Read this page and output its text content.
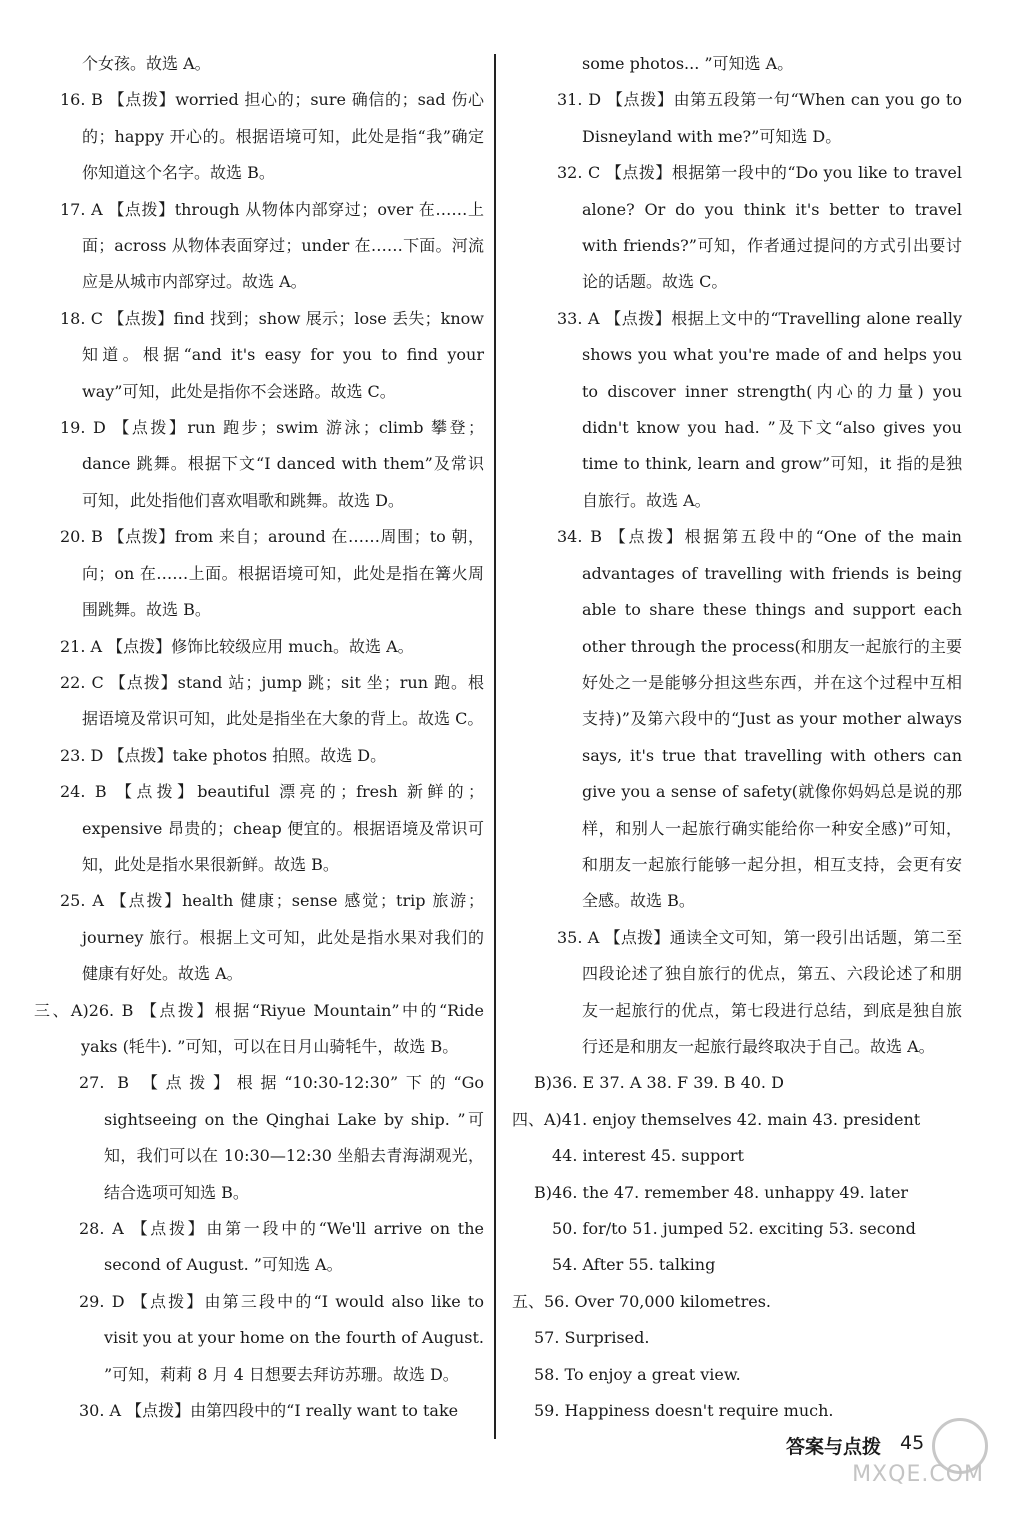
个女孩。故选 A。

16. B 【点拨】worried 担心的；sure 确信的；sad 伤心的；happy 开心的。根据语境可知，此处是指“我”确定你知道这个名字。故选 B。

17. A 【点拨】through 从物体内部穿过；over 在……上面；across 从物体表面穿过；under 在……下面。河流应是从城市内部穿过。故选 A。

18. C 【点拨】find 找到；show 展示；lose 丢失；know 知道。根据“and it's easy for you to find your way”可知，此处是指你不会迷路。故选 C。

19. D 【点拨】run 跑步；swim 游泳；climb 攀登；dance 跳舞。根据下文“I danced with them”及常识可知，此处指他们喜欢唱歌和跳舞。故选 D。

20. B 【点拨】from 来自；around 在……周围；to 朝，向；on 在……上面。根据语境可知，此处是指在篝火周围跳舞。故选 B。

21. A 【点拨】修饰比较级应用 much。故选 A。

22. C 【点拨】stand 站；jump 跳；sit 坐；run 跑。根据语境及常识可知，此处是指坐在大象的背上。故选 C。

23. D 【点拨】take photos 拍照。故选 D。

24. B 【点拨】beautiful 漂亮的；fresh 新鲜的；expensive 昂贵的；cheap 便宜的。根据语境及常识可知，此处是指水果很新鲜。故选 B。

25. A 【点拨】health 健康；sense 感觉；trip 旅游；journey 旅行。根据上文可知，此处是指水果对我们的健康有好处。故选 A。

三、A)26. B 【点拨】根据“Riyue Mountain”中的“Ride yaks (牦牛). ”可知，可以在日月山骑牦牛，故选 B。

27. B 【点拨】根据“10:30-12:30”下的“Go sightseeing on the Qinghai Lake by ship. ”可知，我们可以在 10:30—12:30 坐船去青海湖观光，结合选项可知选 B。

28. A 【点拨】由第一段中的“We'll arrive on the second of August. ”可知选 A。

29. D 【点拨】由第三段中的“I would also like to visit you at your home on the fourth of August. ”可知，莉莉 8 月 4 日想要去拜访苏珊。故选 D。

30. A 【点拨】由第四段中的“I really want to take

some photos... ”可知选 A。

31. D 【点拨】由第五段第一句“When can you go to Disneyland with me?”可知选 D。

32. C 【点拨】根据第一段中的“Do you like to travel alone? Or do you think it's better to travel with friends?”可知，作者通过提问的方式引出要讨论的话题。故选 C。

33. A 【点拨】根据上文中的“Travelling alone really shows you what you're made of and helps you to discover inner strength(内心的力量) you didn't know you had. ”及下文“also gives you time to think, learn and grow”可知，it 指的是独自旅行。故选 A。

34. B 【点拨】根据第五段中的“One of the main advantages of travelling with friends is being able to share these things and support each other through the process(和朋友一起旅行的主要好处之一是能够分担这些东西，并在这个过程中互相支持)”及第六段中的“Just as your mother always says, it's true that travelling with others can give you a sense of safety(就像你妈妈总是说的那样，和别人一起旅行确实能给你一种安全感)”可知，和朋友一起旅行能够一起分担，相互支持，会更有安全感。故选 B。

35. A 【点拨】通读全文可知，第一段引出话题，第二至四段论述了独自旅行的优点，第五、六段论述了和朋友一起旅行的优点，第七段进行总结，到底是独自旅行还是和朋友一起旅行最终取决于自己。故选 A。

B)36. E 37. A 38. F 39. B 40. D

四、A)41. enjoy themselves 42. main 43. president

44. interest 45. support

B)46. the 47. remember 48. unhappy 49. later

50. for/to 51. jumped 52. exciting 53. second

54. After 55. talking

五、56. Over 70,000 kilometres.

57. Surprised.

58. To enjoy a great view.

59. Happiness doesn't require much.

答案与点拨 45
MXQE.COM
